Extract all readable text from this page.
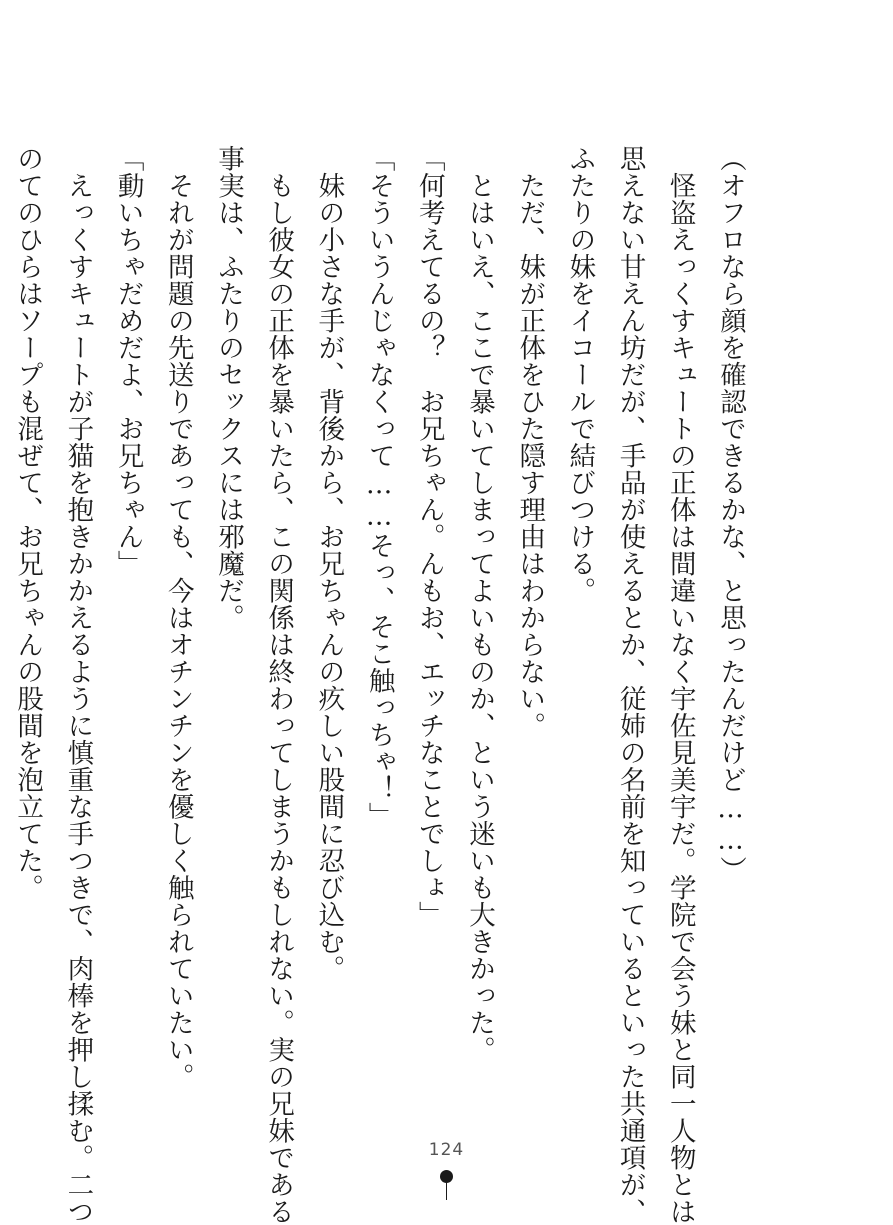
（オフロなら顔を確認できるかな、と思ったんだけど……）

　怪盗えっくすキュートの正体は間違いなく宇佐見美宇だ。学院で会う妹と同一人物とは

思えない甘えん坊だが、手品が使えるとか、従姉の名前を知っているといった共通項が、

ふたりの妹をイコールで結びつける。

　ただ、妹が正体をひた隠す理由はわからない。

　とはいえ、ここで暴いてしまってよいものか、という迷いも大きかった。

「何考えてるの？　お兄ちゃん。んもお、エッチなことでしょ」

「そういうんじゃなくって……そっ、そこ触っちゃ！」

　妹の小さな手が、背後から、お兄ちゃんの疚しい股間に忍び込む。

　もし彼女の正体を暴いたら、この関係は終わってしまうかもしれない。実の兄妹である

事実は、ふたりのセックスには邪魔だ。

　それが問題の先送りであっても、今はオチンチンを優しく触られていたい。

「動いちゃだめだよ、お兄ちゃん」

　えっくすキュートが子猫を抱きかかえるように慎重な手つきで、肉棒を押し揉む。二つ

のてのひらはソープも混ぜて、お兄ちゃんの股間を泡立てた。

124
